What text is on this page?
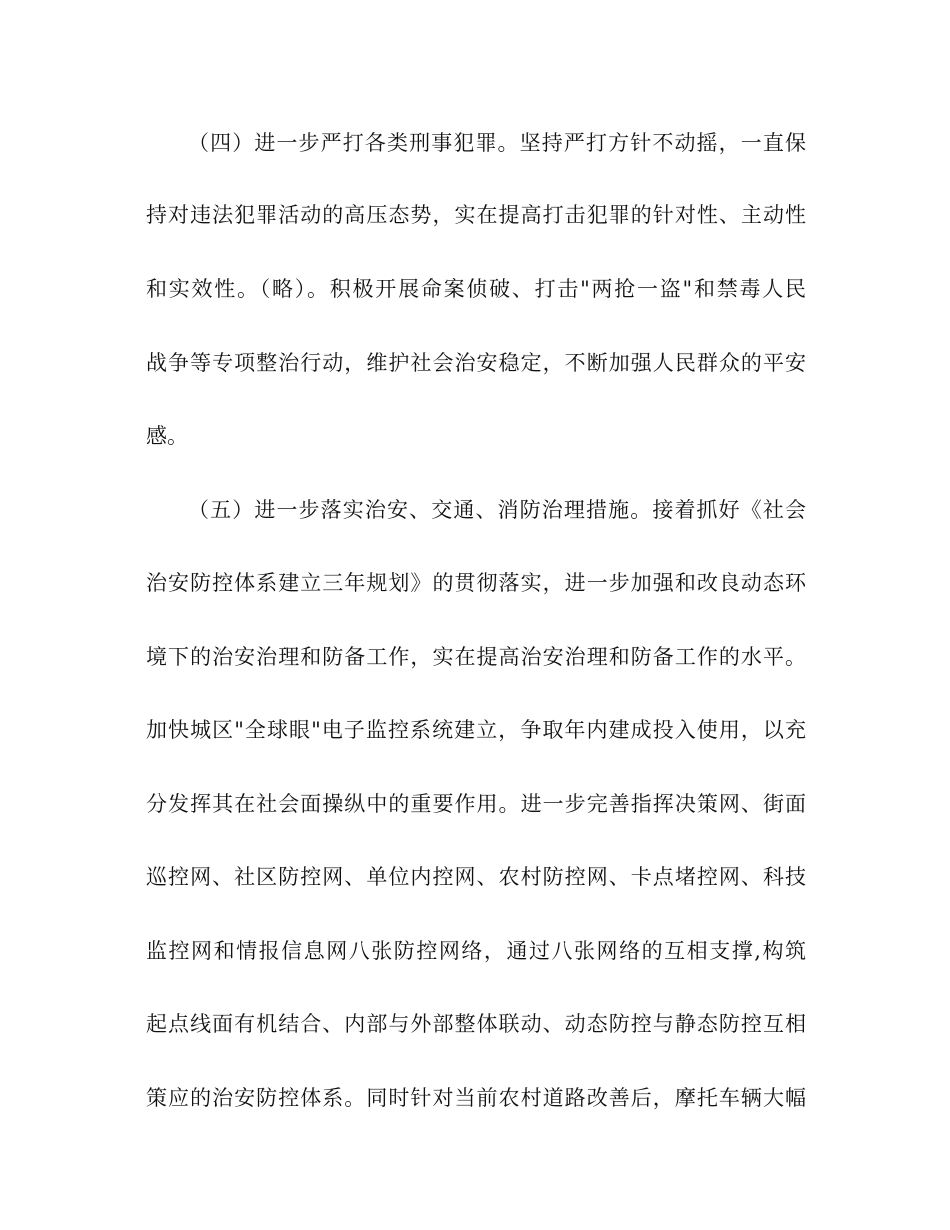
（四）进一步严打各类刑事犯罪。坚持严打方针不动摇，一直保
持对违法犯罪活动的高压态势，实在提高打击犯罪的针对性、主动性
和实效性。（略）。积极开展命案侦破、打击"两抢一盗"和禁毒人民
战争等专项整治行动，维护社会治安稳定，不断加强人民群众的平安
感。
（五）进一步落实治安、交通、消防治理措施。接着抓好《社会
治安防控体系建立三年规划》的贯彻落实，进一步加强和改良动态环
境下的治安治理和防备工作，实在提高治安治理和防备工作的水平。
加快城区"全球眼"电子监控系统建立，争取年内建成投入使用，以充
分发挥其在社会面操纵中的重要作用。进一步完善指挥决策网、街面
巡控网、社区防控网、单位内控网、农村防控网、卡点堵控网、科技
监控网和情报信息网八张防控网络，通过八张网络的互相支撑,构筑
起点线面有机结合、内部与外部整体联动、动态防控与静态防控互相
策应的治安防控体系。同时针对当前农村道路改善后，摩托车辆大幅
